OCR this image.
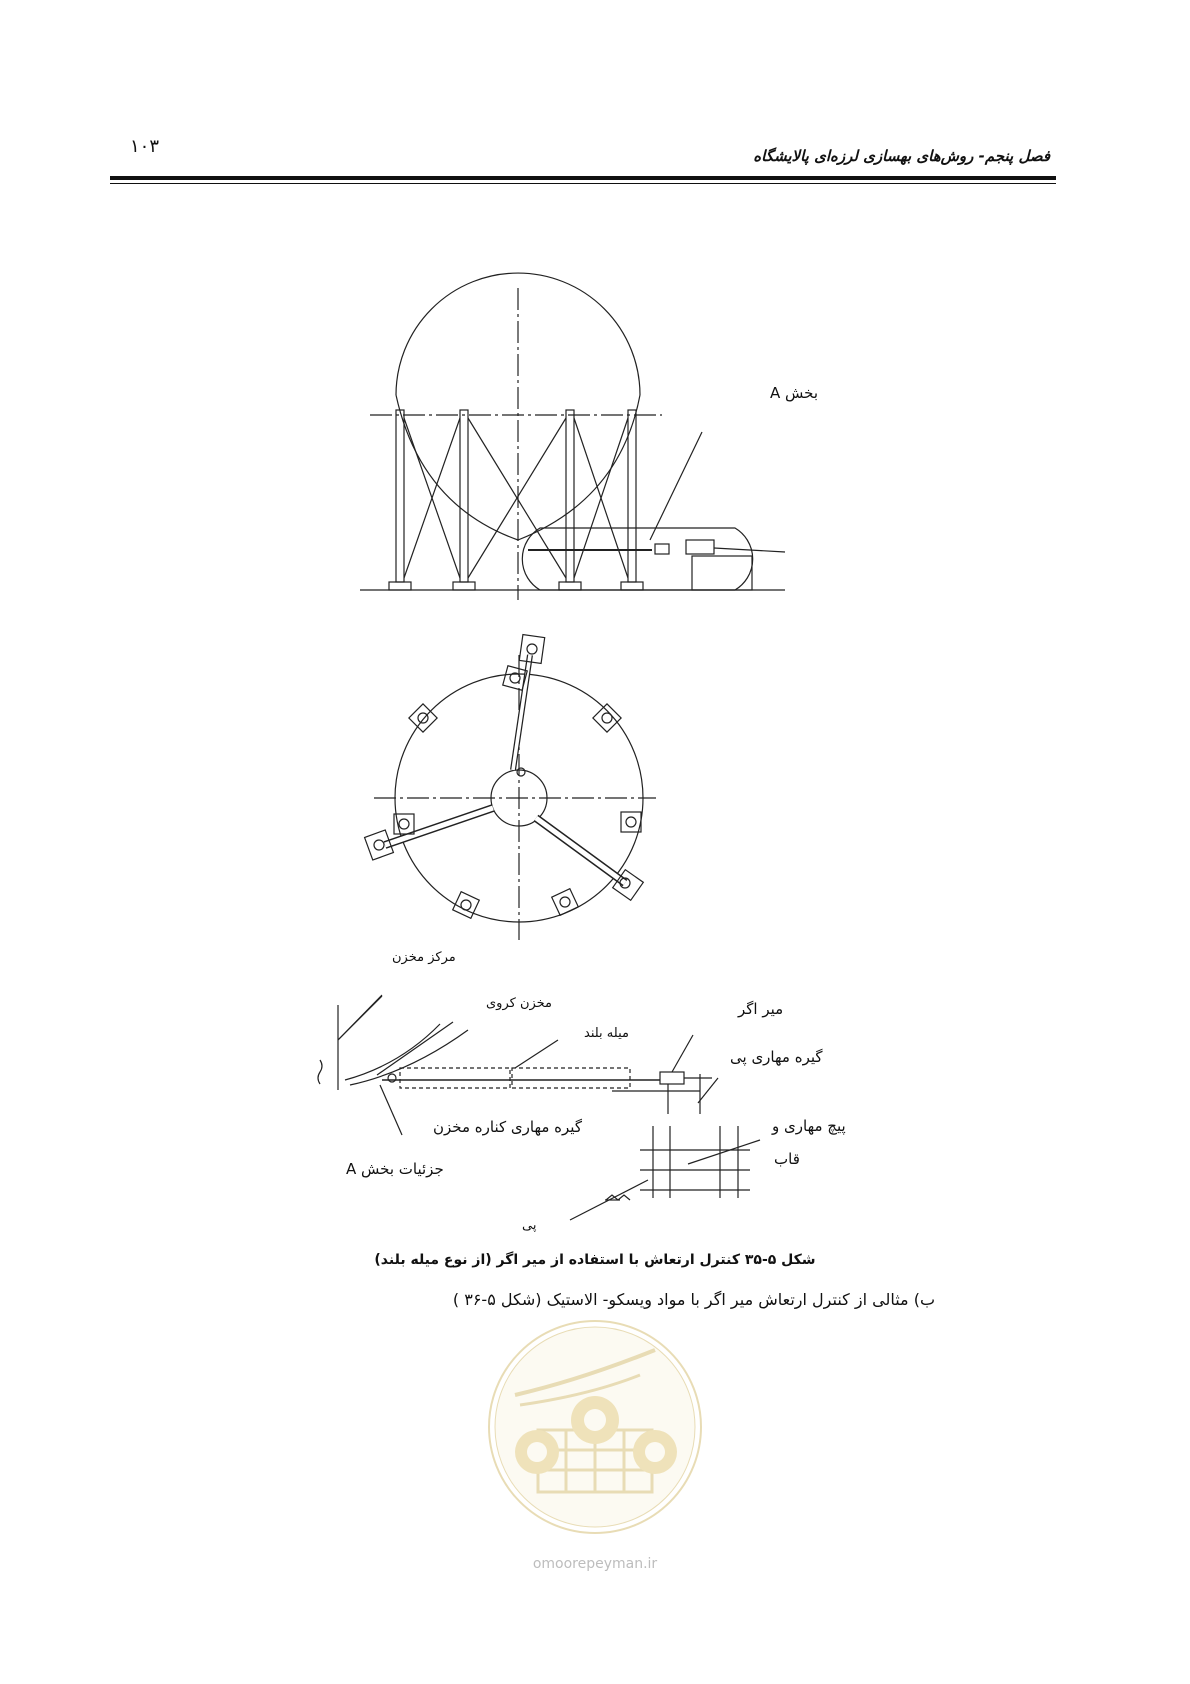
۱۰۳	فصل پنجم- روش‌های بهسازی لرزه‌ای پالایشگاه
بخش A
مرکز مخزن
مخزن کروی
میله بلند
میر اگر
گیره مهاری پی
گیره مهاری کناره مخزن	پیچ مهاری و
قاب
جزئیات بخش A
پی
شکل ۵-۳۵ کنترل ارتعاش با استفاده از میر اگر (از نوع میله بلند)
ب) مثالی از کنترل ارتعاش میر اگر با مواد ویسکو- الاستیک (شکل ۵-۳۶ )
omoorepeyman.ir
